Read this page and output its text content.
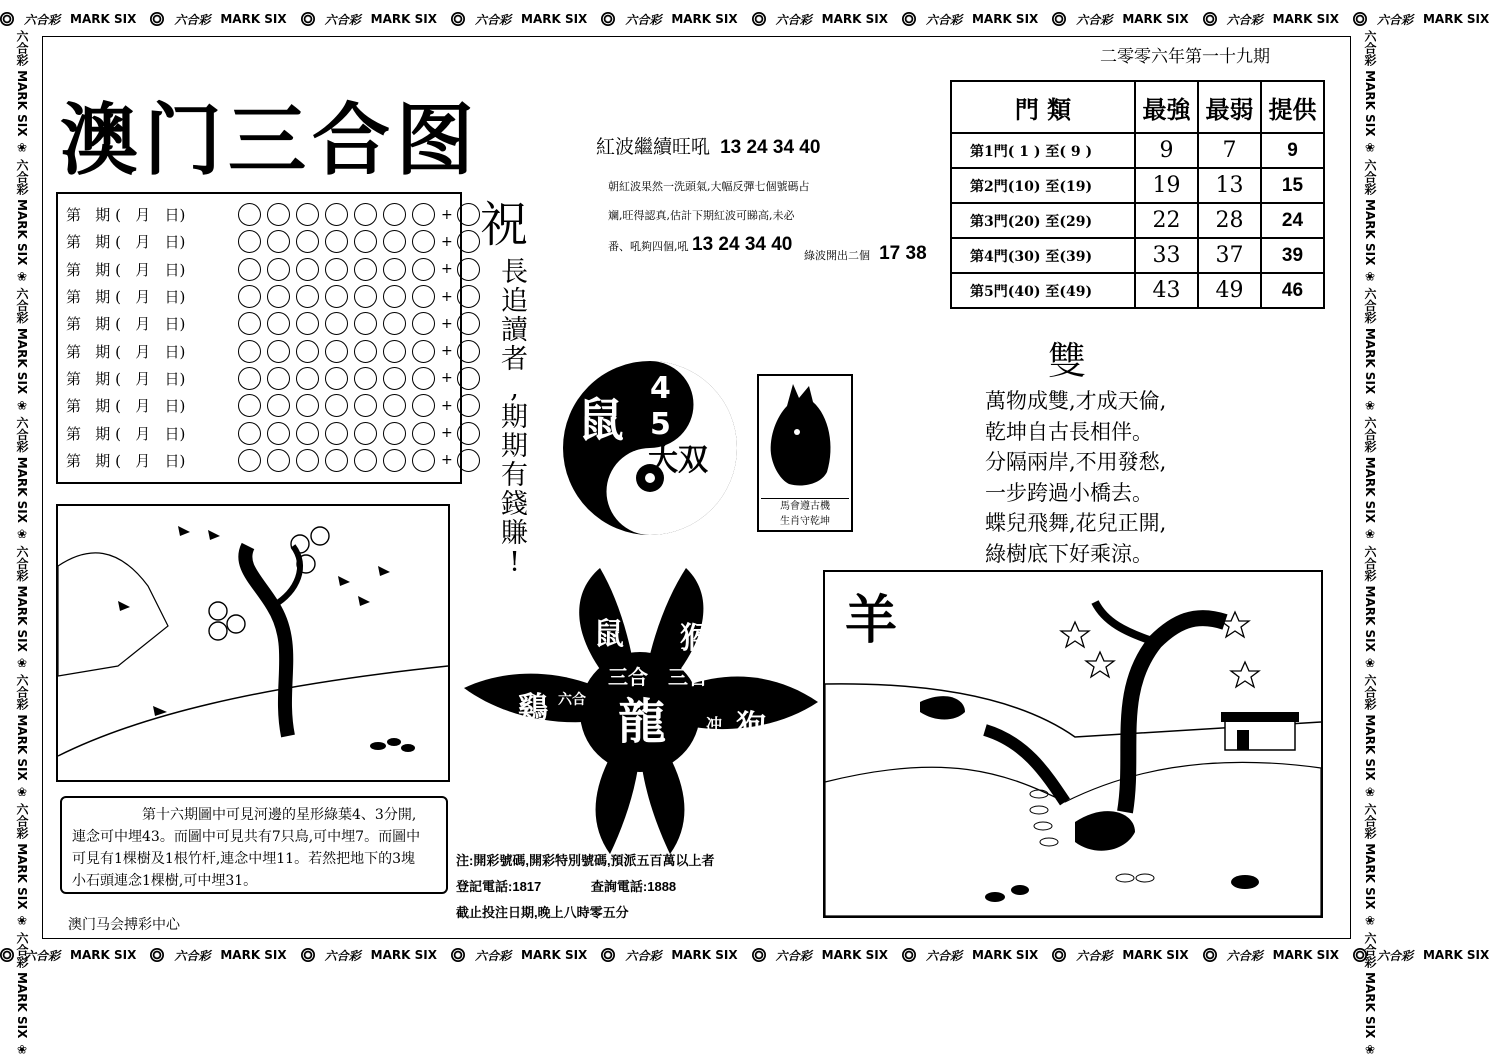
六合彩 MARK SIX	六合彩 MARK SIX	六合彩 MARK SIX	六合彩 MARK SIX	六合彩 MARK SIX	六合彩 MARK SIX	六合彩 MARK SIX	六合彩 MARK SIX	六合彩 MARK SIX	六合彩 MARK SIX
六合彩 MARK SIX	六合彩 MARK SIX	六合彩 MARK SIX	六合彩 MARK SIX	六合彩 MARK SIX	六合彩 MARK SIX	六合彩 MARK SIX	六合彩 MARK SIX	六合彩 MARK SIX	六合彩 MARK SIX
六合彩 MARK SIX ❀ 六合彩 MARK SIX ❀ 六合彩 MARK SIX ❀ 六合彩 MARK SIX ❀ 六合彩 MARK SIX ❀ 六合彩 MARK SIX ❀ 六合彩 MARK SIX ❀ 六合彩 MARK SIX ❀	六合彩 MARK SIX ❀ 六合彩 MARK SIX ❀ 六合彩 MARK SIX ❀ 六合彩 MARK SIX ❀ 六合彩 MARK SIX ❀ 六合彩 MARK SIX ❀ 六合彩 MARK SIX ❀ 六合彩 MARK SIX ❀
二零零六年第一十九期
澳门三合图
第   期 (   月   日)	+
第   期 (   月   日)	+
第   期 (   月   日)	+
第   期 (   月   日)	+
第   期 (   月   日)	+
第   期 (   月   日)	+
第   期 (   月   日)	+
第   期 (   月   日)	+
第   期 (   月   日)	+
第   期 (   月   日)	+
祝
長
追
讀
者
,
期
期
有
錢
賺
!
紅波繼續旺吼 13 24 34 40
朝紅波果然一洗頭氣,大幅反彈七個號碼占
斓,旺得認真,估計下期紅波可睇高,未必
番、吼夠四個,吼 13 24 34 40
綠波開出二個 17 38
門 類	最強	最弱	提供
第1門( 1 ) 至( 9 )	9	7	9
第2門(10) 至(19)	19	13	15
第3門(20) 至(29)	22	28	24
第4門(30) 至(39)	33	37	39
第5門(40) 至(49)	43	49	46
鼠
4
5
大双
馬會遵古機
生肖守乾坤
雙
萬物成雙,才成天倫,
乾坤自古長相伴。
分隔兩岸,不用發愁,
一步跨過小橋去。
蝶兒飛舞,花兒正開,
綠樹底下好乘涼。
第十六期圖中可見河邊的星形綠葉4、3分開,
連念可中埋43。而圖中可見共有7只鳥,可中埋7。而圖中
可見有1棵樹及1根竹杆,連念中埋11。若然把地下的3塊
小石頭連念1棵樹,可中埋31。
澳门马会搏彩中心
鼠 猴
三合 三合
鷄 六合 龍 冲 狗
注:開彩號碼,開彩特別號碼,預派五百萬以上者
登記電話:1817	查詢電話:1888
截止投注日期,晚上八時零五分
羊
